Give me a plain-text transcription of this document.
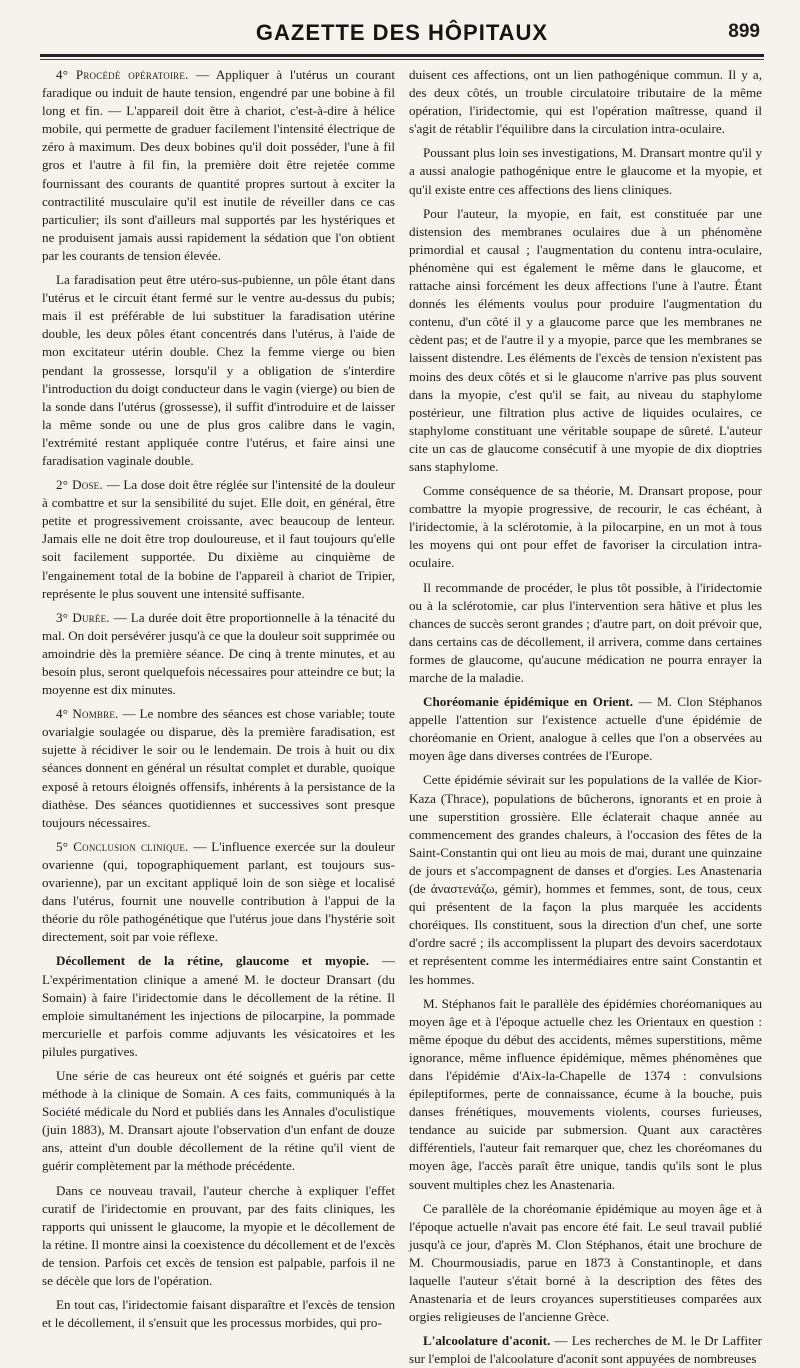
GAZETTE DES HÔPITAUX	899

4° Procédé opératoire. — Appliquer à l'utérus un courant faradique ou induit de haute tension, engendré par une bobine à fil long et fin. — L'appareil doit être à chariot, c'est-à-dire à hélice mobile, qui permette de graduer facilement l'intensité électrique de zéro à maximum. Des deux bobines qu'il doit posséder, l'une à fil gros et l'autre à fil fin, la première doit être rejetée comme fournissant des courants de quantité propres surtout à exciter la contractilité musculaire qu'il est inutile de réveiller dans ce cas particulier; ils sont d'ailleurs mal supportés par les hystériques et ne produisent jamais aussi rapidement la sédation que l'on obtient par les courants de tension élevée.

La faradisation peut être utéro-sus-pubienne, un pôle étant dans l'utérus et le circuit étant fermé sur le ventre au-dessus du pubis; mais il est préférable de lui substituer la faradisation utérine double, les deux pôles étant concentrés dans l'utérus, à l'aide de mon excitateur utérin double. Chez la femme vierge ou bien pendant la grossesse, lorsqu'il y a obligation de s'interdire l'introduction du doigt conducteur dans le vagin (vierge) ou bien de la sonde dans l'utérus (grossesse), il suffit d'introduire et de laisser la même sonde ou une de plus gros calibre dans le vagin, l'extrémité restant appliquée contre l'utérus, et faire ainsi une faradisation vaginale double.

2° Dose. — La dose doit être réglée sur l'intensité de la douleur à combattre et sur la sensibilité du sujet. Elle doit, en général, être petite et progressivement croissante, avec beaucoup de lenteur. Jamais elle ne doit être trop douloureuse, et il faut toujours qu'elle soit facilement supportée. Du dixième au cinquième de l'engainement total de la bobine de l'appareil à chariot de Tripier, représente le plus souvent une intensité suffisante.

3° Durée. — La durée doit être proportionnelle à la ténacité du mal. On doit persévérer jusqu'à ce que la douleur soit supprimée ou amoindrie dès la première séance. De cinq à trente minutes, et au besoin plus, seront quelquefois nécessaires pour atteindre ce but; la moyenne est dix minutes.

4° Nombre. — Le nombre des séances est chose variable; toute ovarialgie soulagée ou disparue, dès la première faradisation, est sujette à récidiver le soir ou le lendemain. De trois à huit ou dix séances donnent en général un résultat complet et durable, quoique exposé à retours éloignés offensifs, inhérents à la persistance de la diathèse. Des séances quotidiennes et successives sont presque toujours nécessaires.

5° Conclusion clinique. — L'influence exercée sur la douleur ovarienne (qui, topographiquement parlant, est toujours sus-ovarienne), par un excitant appliqué loin de son siège et localisé dans l'utérus, fournit une nouvelle contribution à l'appui de la théorie du rôle pathogénétique que l'utérus joue dans l'hystérie soit directement, soit par voie réflexe.

Décollement de la rétine, glaucome et myopie. — L'expérimentation clinique a amené M. le docteur Dransart (du Somain) à faire l'iridectomie dans le décollement de la rétine. Il emploie simultanément les injections de pilocarpine, la pommade mercurielle et parfois comme adjuvants les vésicatoires et les pilules purgatives.

Une série de cas heureux ont été soignés et guéris par cette méthode à la clinique de Somain. A ces faits, communiqués à la Société médicale du Nord et publiés dans les Annales d'oculistique (juin 1883), M. Dransart ajoute l'observation d'un enfant de douze ans, atteint d'un double décollement de la rétine qu'il vient de guérir complètement par la méthode précédente.

Dans ce nouveau travail, l'auteur cherche à expliquer l'effet curatif de l'iridectomie en prouvant, par des faits cliniques, les rapports qui unissent le glaucome, la myopie et le décollement de la rétine. Il montre ainsi la coexistence du décollement et de l'excès de tension. Parfois cet excès de tension est palpable, parfois il ne se décèle que lors de l'opération.

En tout cas, l'iridectomie faisant disparaître et l'excès de tension et le décollement, il s'ensuit que les processus morbides, qui pro-

duisent ces affections, ont un lien pathogénique commun. Il y a, des deux côtés, un trouble circulatoire tributaire de la même opération, l'iridectomie, qui est l'opération maîtresse, quand il s'agit de rétablir l'équilibre dans la circulation intra-oculaire.

Poussant plus loin ses investigations, M. Dransart montre qu'il y a aussi analogie pathogénique entre le glaucome et la myopie, et qu'il existe entre ces affections des liens cliniques.

Pour l'auteur, la myopie, en fait, est constituée par une distension des membranes oculaires due à un phénomène primordial et causal ; l'augmentation du contenu intra-oculaire, phénomène qui est également le même dans le glaucome, et rattache ainsi forcément les deux affections l'une à l'autre. Étant donnés les éléments voulus pour produire l'augmentation du contenu, d'un côté il y a glaucome parce que les membranes ne cèdent pas; et de l'autre il y a myopie, parce que les membranes se laissent distendre. Les éléments de l'excès de tension n'existent pas moins des deux côtés et si le glaucome n'arrive pas plus souvent dans la myopie, c'est qu'il se fait, au niveau du staphylome postérieur, une filtration plus active de liquides oculaires, ce staphylome constituant une véritable soupape de sûreté. L'auteur cite un cas de glaucome consécutif à une myopie de dix dioptries sans staphylome.

Comme conséquence de sa théorie, M. Dransart propose, pour combattre la myopie progressive, de recourir, le cas échéant, à l'iridectomie, à la sclérotomie, à la pilocarpine, en un mot à tous les moyens qui ont pour effet de favoriser la circulation intra-oculaire.

Il recommande de procéder, le plus tôt possible, à l'iridectomie ou à la sclérotomie, car plus l'intervention sera hâtive et plus les chances de succès seront grandes ; d'autre part, on doit prévoir que, dans certains cas de décollement, il arrivera, comme dans certaines formes de glaucome, qu'aucune médication ne pourra enrayer la marche de la maladie.

Choréomanie épidémique en Orient. — M. Clon Stéphanos appelle l'attention sur l'existence actuelle d'une épidémie de choréomanie en Orient, analogue à celles que l'on a observées au moyen âge dans diverses contrées de l'Europe.

Cette épidémie sévirait sur les populations de la vallée de Kior-Kaza (Thrace), populations de bûcherons, ignorants et en proie à une superstition grossière. Elle éclaterait chaque année au commencement des grandes chaleurs, à l'occasion des fêtes de la Saint-Constantin qui ont lieu au mois de mai, durant une quinzaine de jours et s'accompagnent de danses et d'orgies. Les Anastenaria (de ἀναστενάζω, gémir), hommes et femmes, sont, de tous, ceux qui présentent de la façon la plus marquée les accidents choréiques. Ils constituent, sous la direction d'un chef, une sorte d'ordre sacré ; ils accomplissent la plupart des devoirs sacerdotaux et représentent comme les intermédiaires entre saint Constantin et les hommes.

M. Stéphanos fait le parallèle des épidémies choréomaniques au moyen âge et à l'époque actuelle chez les Orientaux en question : même époque du début des accidents, mêmes superstitions, même ignorance, même influence épidémique, mêmes phénomènes que dans l'épidémie d'Aix-la-Chapelle de 1374 : convulsions épileptiformes, perte de connaissance, écume à la bouche, puis danses frénétiques, mouvements violents, courses furieuses, tendance au suicide par submersion. Quant aux caractères différentiels, l'auteur fait remarquer que, chez les choréomanes du moyen âge, l'accès paraît être unique, tandis qu'ils sont le plus souvent multiples chez les Anastenaria.

Ce parallèle de la choréomanie épidémique au moyen âge et à l'époque actuelle n'avait pas encore été fait. Le seul travail publié jusqu'à ce jour, d'après M. Clon Stéphanos, était une brochure de M. Chourmousiadis, parue en 1873 à Constantinople, et dans laquelle l'auteur s'était borné à la description des fêtes des Anastenaria et de leurs croyances superstitieuses comparées aux orgies religieuses de l'ancienne Grèce.

L'alcoolature d'aconit. — Les recherches de M. le Dr Laffiter sur l'emploi de l'alcoolature d'aconit sont appuyées de nombreuses
